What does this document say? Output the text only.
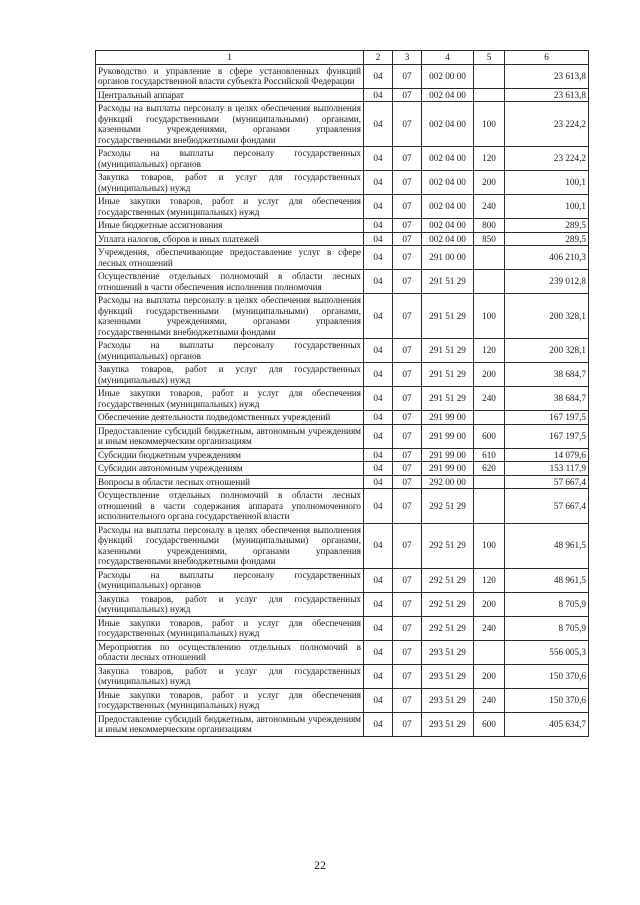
1	2	3	4	5	6
Руководство и управление в сфере установленных функций органов государственной власти субъекта Российской Федерации	04	07	002 00 00		23 613,8
Центральный аппарат	04	07	002 04 00		23 613,8
Расходы на выплаты персоналу в целях обеспечения выполнения функций государственными (муниципальными) органами, казенными учреждениями, органами управления государственными внебюджетными фондами	04	07	002 04 00	100	23 224,2
Расходы на выплаты персоналу государственных (муниципальных) органов	04	07	002 04 00	120	23 224,2
Закупка товаров, работ и услуг для государственных (муниципальных) нужд	04	07	002 04 00	200	100,1
Иные закупки товаров, работ и услуг для обеспечения государственных (муниципальных) нужд	04	07	002 04 00	240	100,1
Иные бюджетные ассигнования	04	07	002 04 00	800	289,5
Уплата налогов, сборов и иных платежей	04	07	002 04 00	850	289,5
Учреждения, обеспечивающие предоставление услуг в сфере лесных отношений	04	07	291 00 00		406 210,3
Осуществление отдельных полномочий в области лесных отношений в части обеспечения исполнения полномочия	04	07	291 51 29		239 012,8
Расходы на выплаты персоналу в целях обеспечения выполнения функций государственными (муниципальными) органами, казенными учреждениями, органами управления государственными внебюджетными фондами	04	07	291 51 29	100	200 328,1
Расходы на выплаты персоналу государственных (муниципальных) органов	04	07	291 51 29	120	200 328,1
Закупка товаров, работ и услуг для государственных (муниципальных) нужд	04	07	291 51 29	200	38 684,7
Иные закупки товаров, работ и услуг для обеспечения государственных (муниципальных) нужд	04	07	291 51 29	240	38 684,7
Обеспечение деятельности подведомственных учреждений	04	07	291 99 00		167 197,5
Предоставление субсидий бюджетным, автономным учреждениям и иным некоммерческим организациям	04	07	291 99 00	600	167 197,5
Субсидии бюджетным учреждениям	04	07	291 99 00	610	14 079,6
Субсидии автономным учреждениям	04	07	291 99 00	620	153 117,9
Вопросы в области лесных отношений	04	07	292 00 00		57 667,4
Осуществление отдельных полномочий в области лесных отношений в части содержания аппарата уполномоченного исполнительного органа государственной власти	04	07	292 51 29		57 667,4
Расходы на выплаты персоналу в целях обеспечения выполнения функций государственными (муниципальными) органами, казенными учреждениями, органами управления государственными внебюджетными фондами	04	07	292 51 29	100	48 961,5
Расходы на выплаты персоналу государственных (муниципальных) органов	04	07	292 51 29	120	48 961,5
Закупка товаров, работ и услуг для государственных (муниципальных) нужд	04	07	292 51 29	200	8 705,9
Иные закупки товаров, работ и услуг для обеспечения государственных (муниципальных) нужд	04	07	292 51 29	240	8 705,9
Мероприятия по осуществлению отдельных полномочий в области лесных отношений	04	07	293 51 29		556 005,3
Закупка товаров, работ и услуг для государственных (муниципальных) нужд	04	07	293 51 29	200	150 370,6
Иные закупки товаров, работ и услуг для обеспечения государственных (муниципальных) нужд	04	07	293 51 29	240	150 370,6
Предоставление субсидий бюджетным, автономным учреждениям и иным некоммерческим организациям	04	07	293 51 29	600	405 634,7
22
